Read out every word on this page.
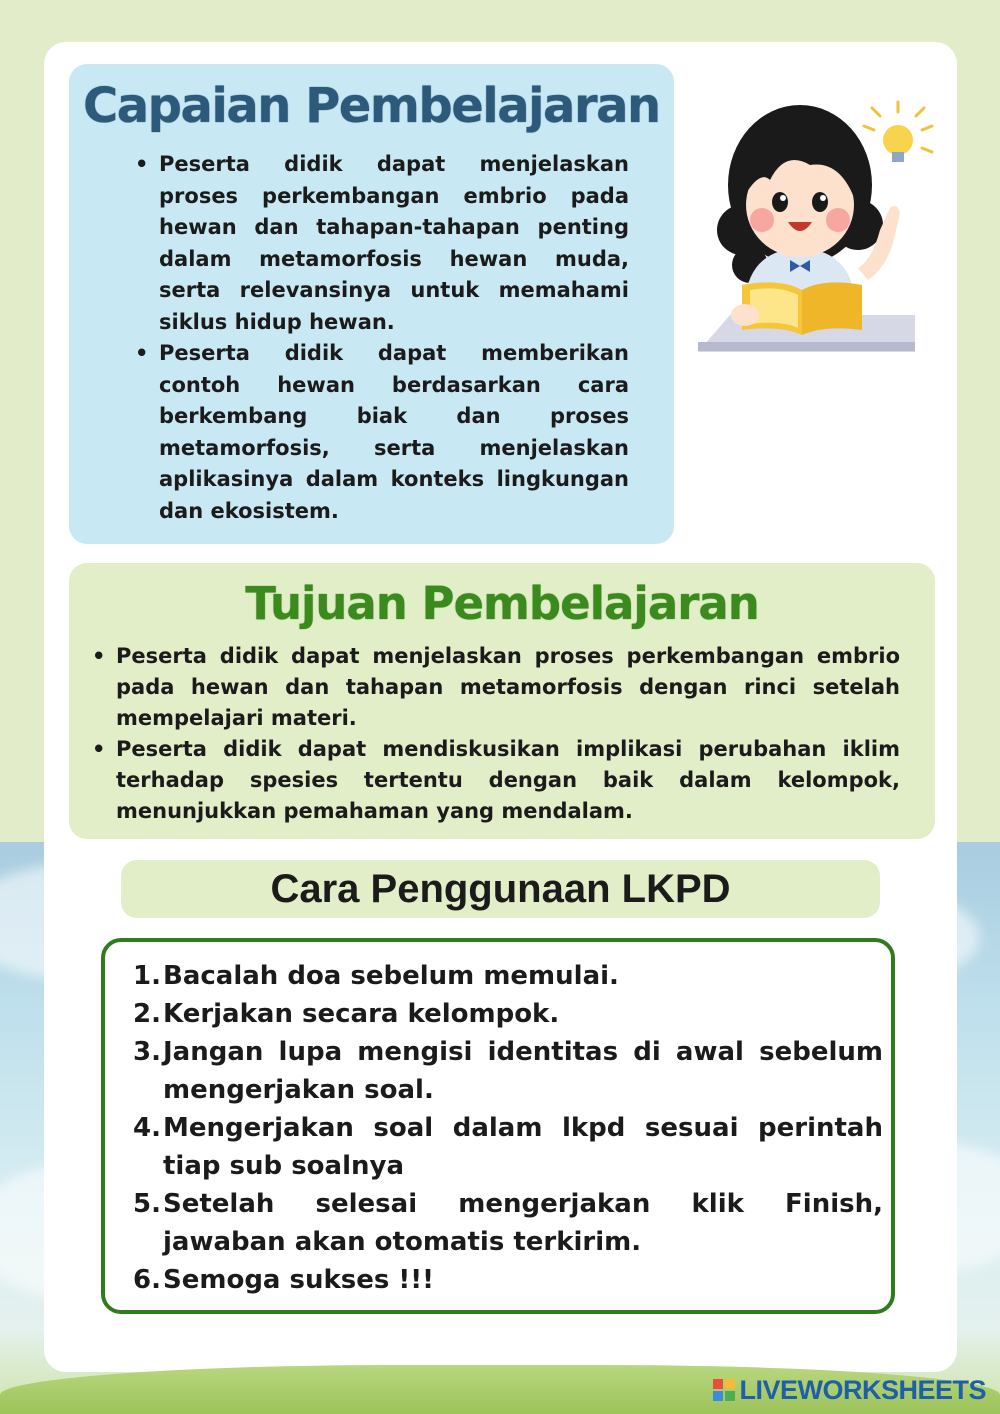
Capaian Pembelajaran
• Peserta didik dapat menjelaskan proses perkembangan embrio pada hewan dan tahapan-tahapan penting dalam metamorfosis hewan muda, serta relevansinya untuk memahami siklus hidup hewan.
• Peserta didik dapat memberikan contoh hewan berdasarkan cara berkembang biak dan proses metamorfosis, serta menjelaskan aplikasinya dalam konteks lingkungan dan ekosistem.
Tujuan Pembelajaran
• Peserta didik dapat menjelaskan proses perkembangan embrio pada hewan dan tahapan metamorfosis dengan rinci setelah mempelajari materi.
• Peserta didik dapat mendiskusikan implikasi perubahan iklim terhadap spesies tertentu dengan baik dalam kelompok, menunjukkan pemahaman yang mendalam.
Cara Penggunaan LKPD
1. Bacalah doa sebelum memulai.
2. Kerjakan secara kelompok.
3. Jangan lupa mengisi identitas di awal sebelum mengerjakan soal.
4. Mengerjakan soal dalam lkpd sesuai perintah tiap sub soalnya
5. Setelah selesai mengerjakan klik Finish, jawaban akan otomatis terkirim.
6. Semoga sukses !!!
LIVEWORKSHEETS
